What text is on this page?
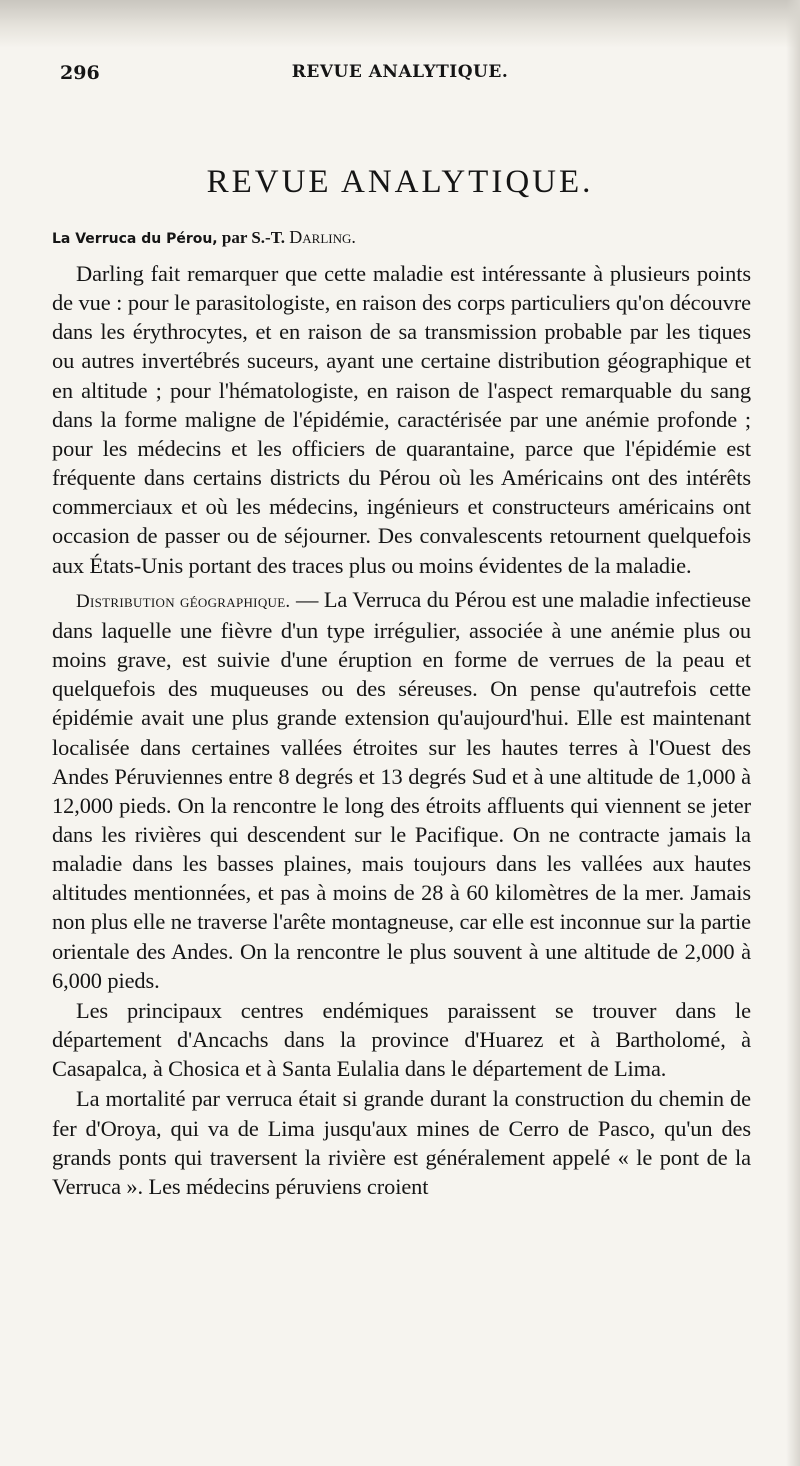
296	REVUE ANALYTIQUE.
REVUE ANALYTIQUE.

La Verruca du Pérou, par S.-T. Darling.

Darling fait remarquer que cette maladie est intéressante à plusieurs points de vue : pour le parasitologiste, en raison des corps particuliers qu'on découvre dans les érythrocytes, et en raison de sa transmission probable par les tiques ou autres invertébrés suceurs, ayant une certaine distribution géographique et en altitude ; pour l'hématologiste, en raison de l'aspect remarquable du sang dans la forme maligne de l'épidémie, caractérisée par une anémie profonde ; pour les médecins et les officiers de quarantaine, parce que l'épidémie est fréquente dans certains districts du Pérou où les Américains ont des intérêts commerciaux et où les médecins, ingénieurs et constructeurs américains ont occasion de passer ou de séjourner. Des convalescents retournent quelquefois aux États-Unis portant des traces plus ou moins évidentes de la maladie.

Distribution géographique. — La Verruca du Pérou est une maladie infectieuse dans laquelle une fièvre d'un type irrégulier, associée à une anémie plus ou moins grave, est suivie d'une éruption en forme de verrues de la peau et quelquefois des muqueuses ou des séreuses. On pense qu'autrefois cette épidémie avait une plus grande extension qu'aujourd'hui. Elle est maintenant localisée dans certaines vallées étroites sur les hautes terres à l'Ouest des Andes Péruviennes entre 8 degrés et 13 degrés Sud et à une altitude de 1,000 à 12,000 pieds. On la rencontre le long des étroits affluents qui viennent se jeter dans les rivières qui descendent sur le Pacifique. On ne contracte jamais la maladie dans les basses plaines, mais toujours dans les vallées aux hautes altitudes mentionnées, et pas à moins de 28 à 60 kilomètres de la mer. Jamais non plus elle ne traverse l'arête montagneuse, car elle est inconnue sur la partie orientale des Andes. On la rencontre le plus souvent à une altitude de 2,000 à 6,000 pieds.

Les principaux centres endémiques paraissent se trouver dans le département d'Ancachs dans la province d'Huarez et à Bartholomé, à Casapalca, à Chosica et à Santa Eulalia dans le département de Lima.

La mortalité par verruca était si grande durant la construction du chemin de fer d'Oroya, qui va de Lima jusqu'aux mines de Cerro de Pasco, qu'un des grands ponts qui traversent la rivière est généralement appelé « le pont de la Verruca ». Les médecins péruviens croient
